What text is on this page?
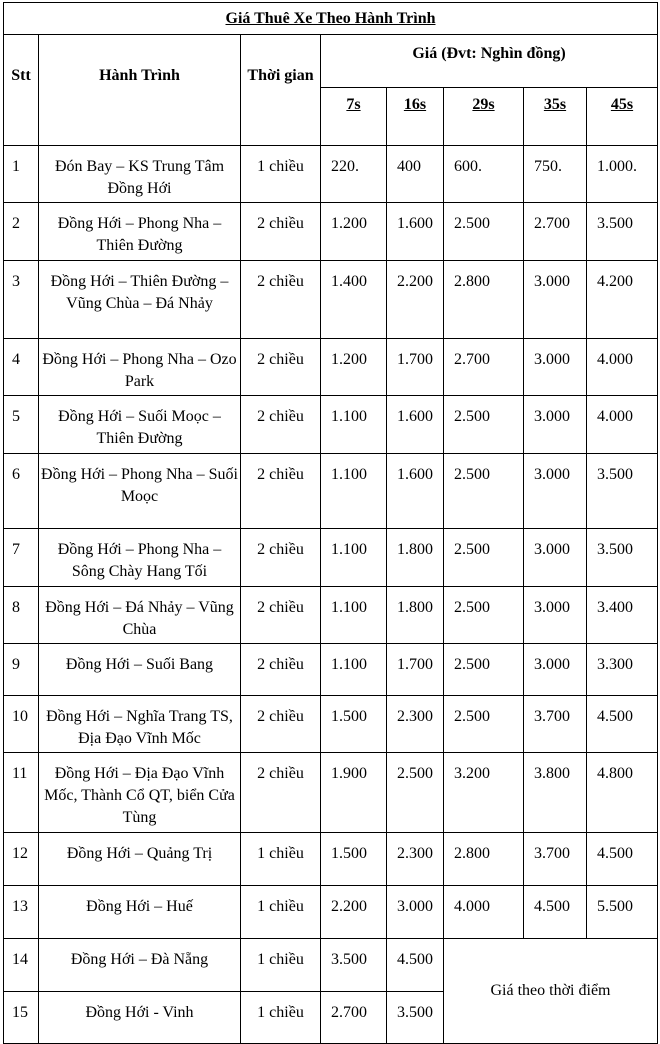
Giá Thuê Xe Theo Hành Trình							
Stt	Hành Trình	Thời gian	Giá (Đvt: Nghìn đồng)				
			7s	16s	29s	35s	45s
1	Đón Bay – KS Trung Tâm Đồng Hới	1 chiều	220.	400	600.	750.	1.000.
2	Đồng Hới – Phong Nha – Thiên Đường	2 chiều	1.200	1.600	2.500	2.700	3.500
3	Đồng Hới – Thiên Đường – Vũng Chùa – Đá Nhảy	2 chiều	1.400	2.200	2.800	3.000	4.200
4	Đồng Hới – Phong Nha – Ozo Park	2 chiều	1.200	1.700	2.700	3.000	4.000
5	Đồng Hới – Suối Moọc – Thiên Đường	2 chiều	1.100	1.600	2.500	3.000	4.000
6	Đồng Hới – Phong Nha – Suối Moọc	2 chiều	1.100	1.600	2.500	3.000	3.500
7	Đồng Hới – Phong Nha – Sông Chày Hang Tối	2 chiều	1.100	1.800	2.500	3.000	3.500
8	Đồng Hới – Đá Nhảy – Vũng Chùa	2 chiều	1.100	1.800	2.500	3.000	3.400
9	Đồng Hới – Suối Bang	2 chiều	1.100	1.700	2.500	3.000	3.300
10	Đồng Hới – Nghĩa Trang TS, Địa Đạo Vĩnh Mốc	2 chiều	1.500	2.300	2.500	3.700	4.500
11	Đồng Hới – Địa Đạo Vĩnh Mốc, Thành Cổ QT, biển Cửa Tùng	2 chiều	1.900	2.500	3.200	3.800	4.800
12	Đồng Hới – Quảng Trị	1 chiều	1.500	2.300	2.800	3.700	4.500
13	Đồng Hới – Huế	1 chiều	2.200	3.000	4.000	4.500	5.500
14	Đồng Hới – Đà Nẵng	1 chiều	3.500	4.500	Giá theo thời điểm		
15	Đồng Hới - Vinh	1 chiều	2.700	3.500			
